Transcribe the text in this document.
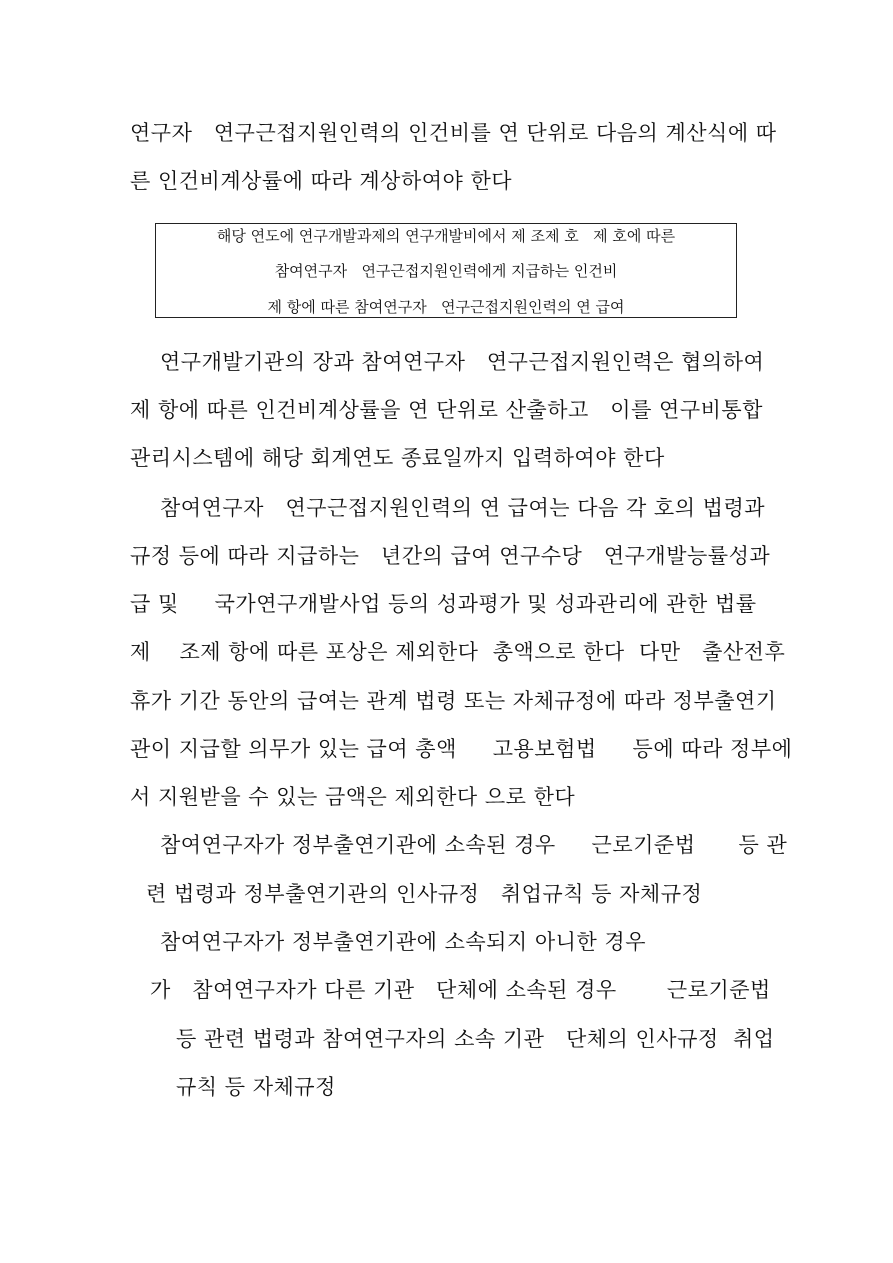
연구자   연구근접지원인력의 인건비를 연 단위로 다음의 계산식에 따
른 인건비계상률에 따라 계상하여야 한다
해당 연도에 연구개발과제의 연구개발비에서 제 조제 호   제 호에 따른
참여연구자   연구근접지원인력에게 지급하는 인건비
제 항에 따른 참여연구자   연구근접지원인력의 연 급여
연구개발기관의 장과 참여연구자   연구근접지원인력은 협의하여
제 항에 따른 인건비계상률을 연 단위로 산출하고   이를 연구비통합
관리시스템에 해당 회계연도 종료일까지 입력하여야 한다
참여연구자   연구근접지원인력의 연 급여는 다음 각 호의 법령과
규정 등에 따라 지급하는   년간의 급여 연구수당   연구개발능률성과
급 및     국가연구개발사업 등의 성과평가 및 성과관리에 관한 법률
제    조제 항에 따른 포상은 제외한다  총액으로 한다  다만   출산전후
휴가 기간 동안의 급여는 관계 법령 또는 자체규정에 따라 정부출연기
관이 지급할 의무가 있는 급여 총액     고용보험법     등에 따라 정부에
서 지원받을 수 있는 금액은 제외한다 으로 한다
참여연구자가 정부출연기관에 소속된 경우     근로기준법      등 관
련 법령과 정부출연기관의 인사규정   취업규칙 등 자체규정
참여연구자가 정부출연기관에 소속되지 아니한 경우
가   참여연구자가 다른 기관   단체에 소속된 경우       근로기준법
등 관련 법령과 참여연구자의 소속 기관   단체의 인사규정  취업
규칙 등 자체규정
